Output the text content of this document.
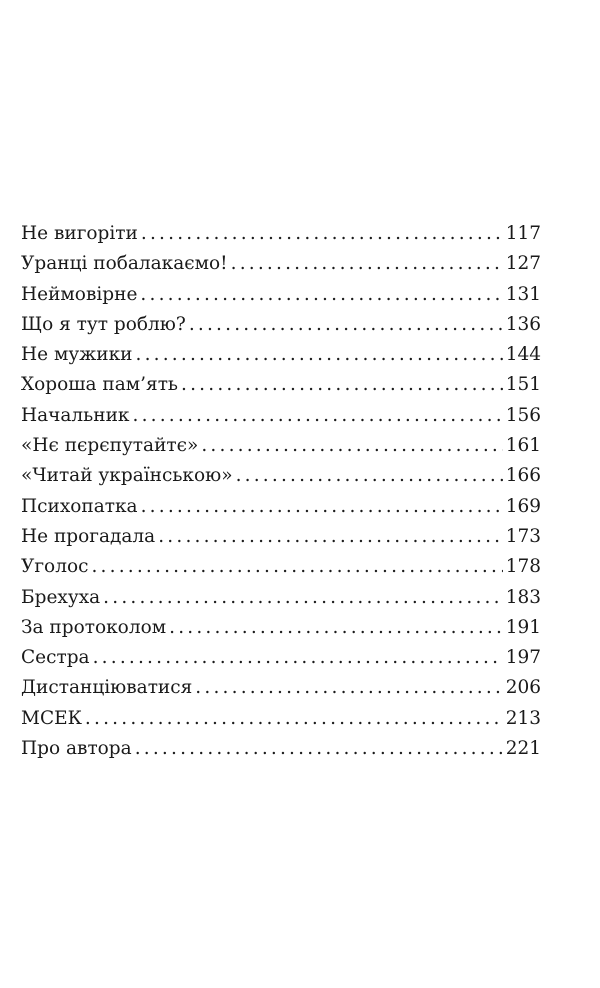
Не вигоріти .....	117
Уранці побалакаємо! .....	127
Неймовірне .....	131
Що я тут роблю? .....	136
Не мужики .....	144
Хороша пам’ять .....	151
Начальник .....	156
«Нє пєрєпутайтє» .....	161
«Читай українською» .....	166
Психопатка .....	169
Не прогадала .....	173
Уголос .....	178
Брехуха .....	183
За протоколом .....	191
Сестра .....	197
Дистанціюватися .....	206
МСЕК .....	213
Про автора .....	221
